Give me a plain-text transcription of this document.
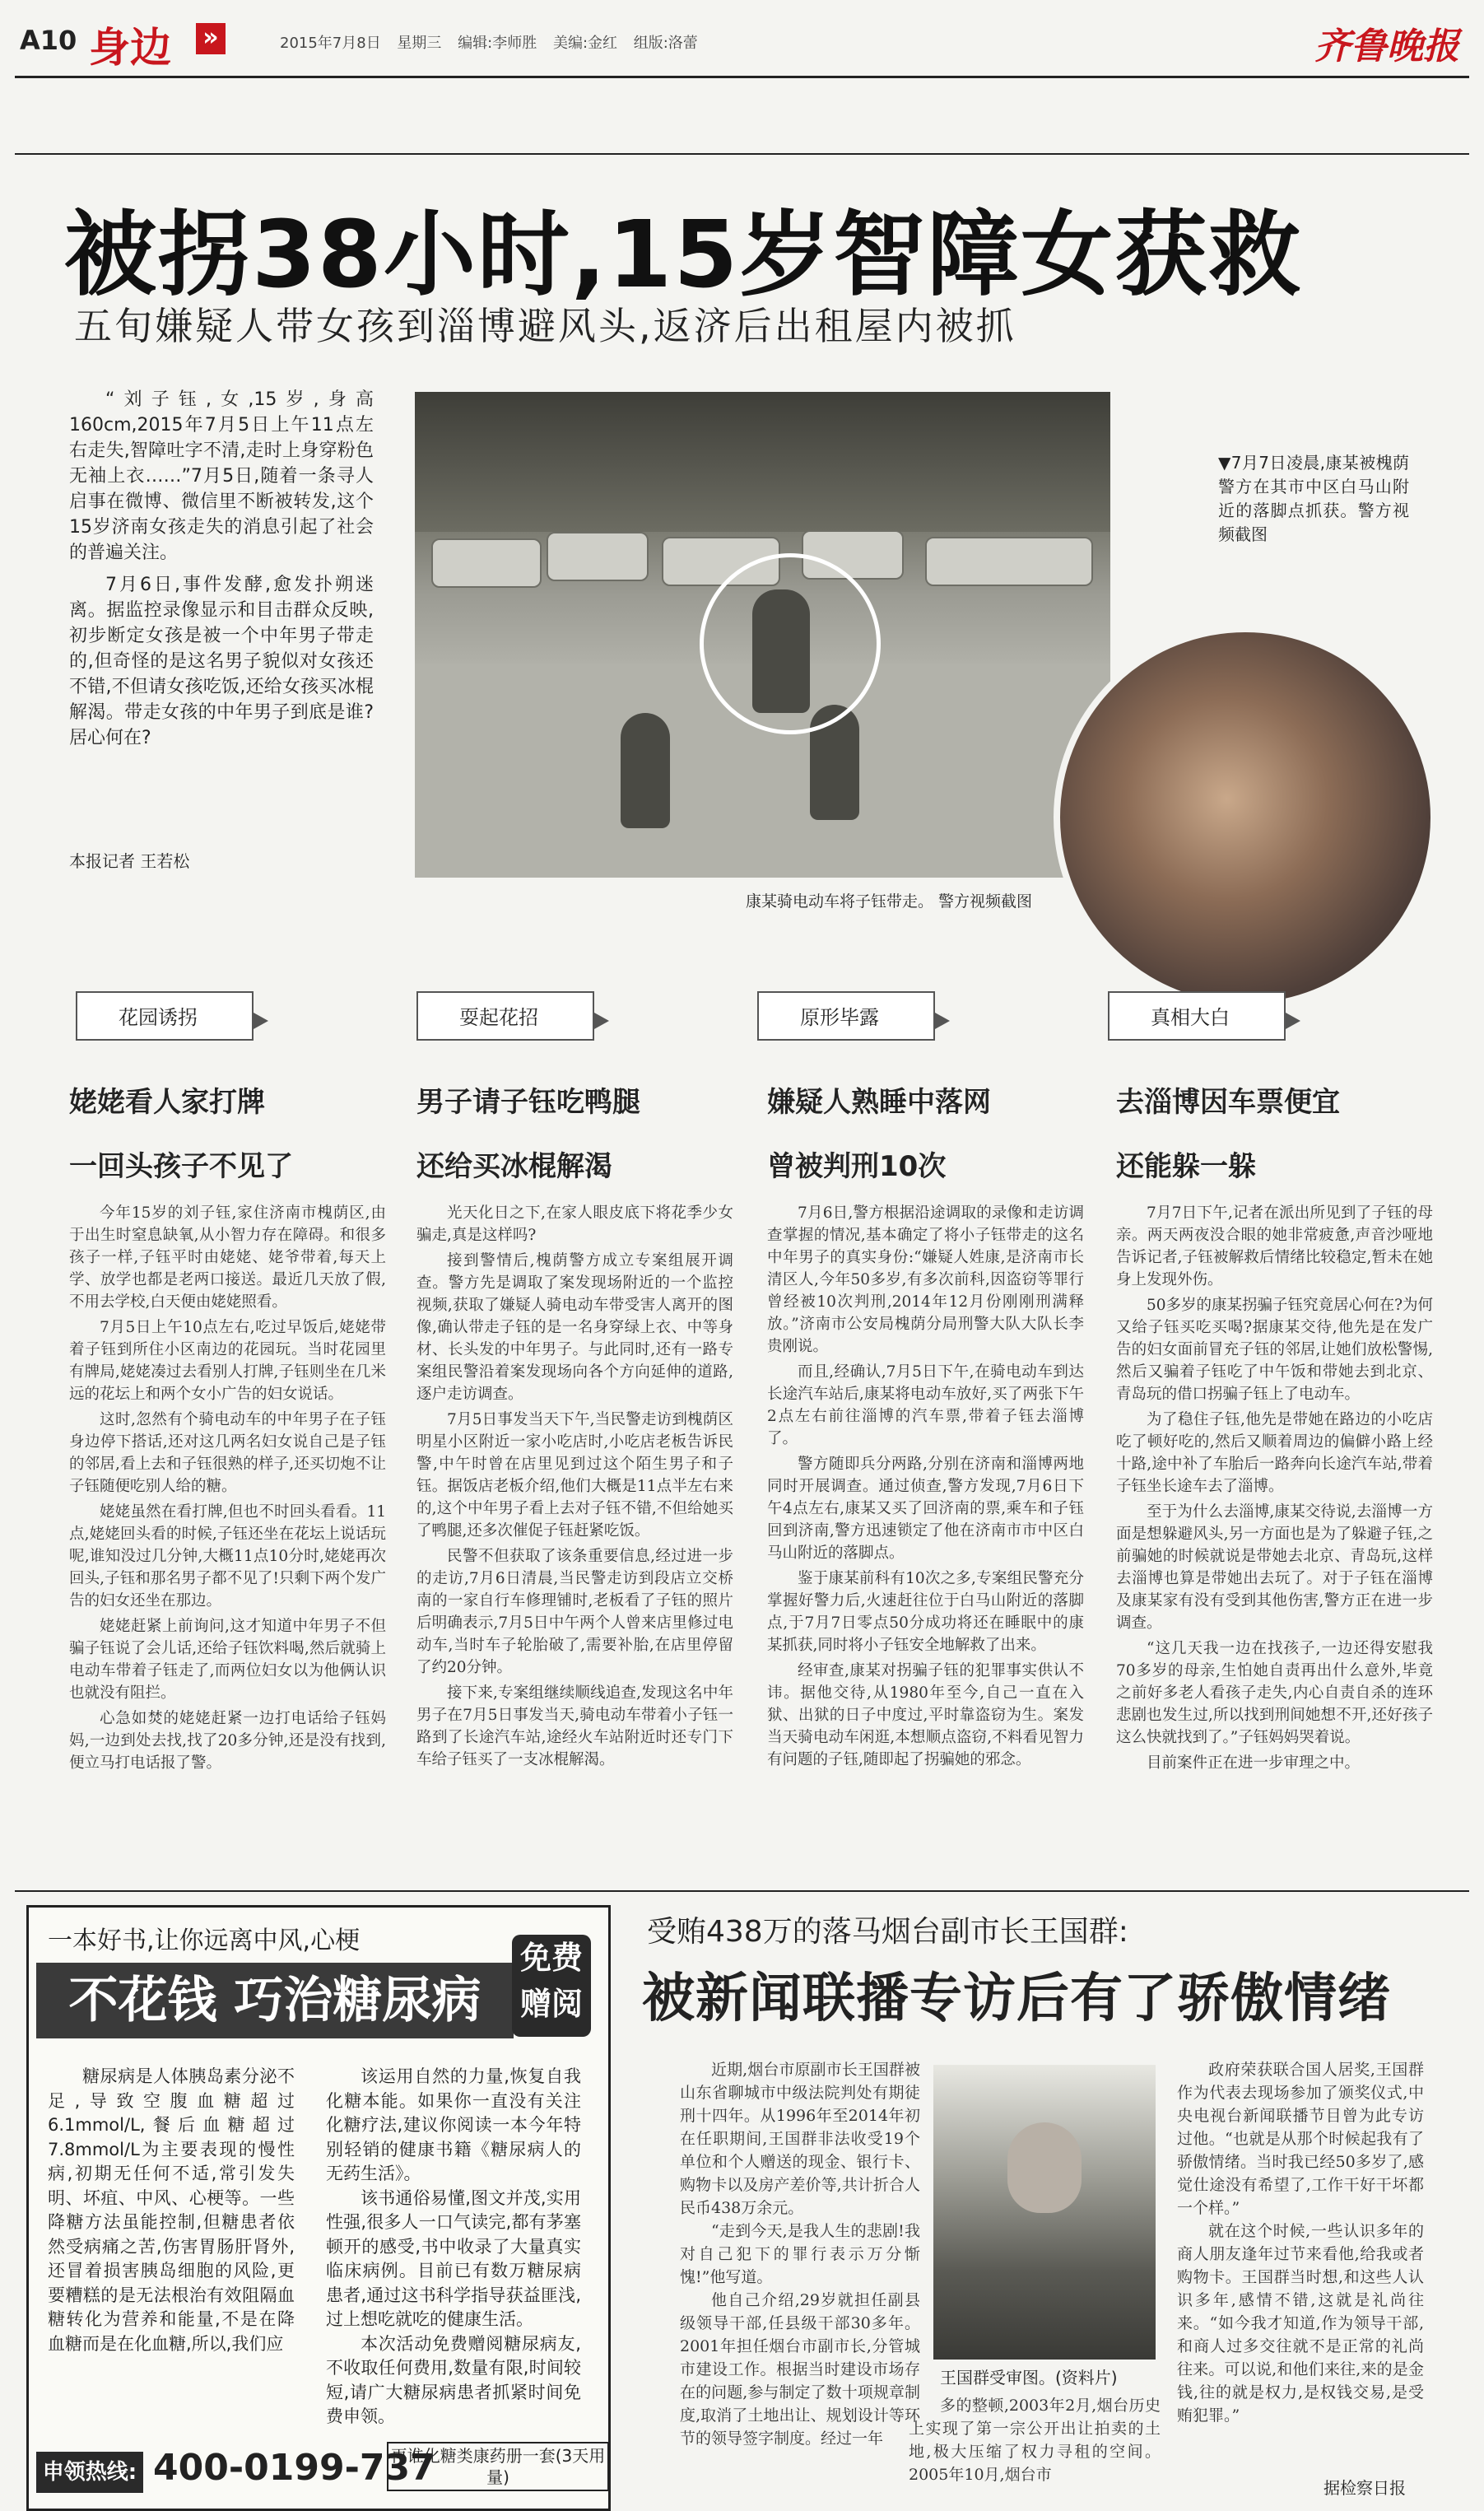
A10 身边 »	2015年7月8日 星期三 编辑:李师胜 美编:金红 组版:洛蕾	齐鲁晚报
被拐38小时,15岁智障女获救
五旬嫌疑人带女孩到淄博避风头,返济后出租屋内被抓

“刘子钰,女,15岁,身高160cm,2015年7月5日上午11点左右走失,智障吐字不清,走时上身穿粉色无袖上衣……”7月5日,随着一条寻人启事在微博、微信里不断被转发,这个15岁济南女孩走失的消息引起了社会的普遍关注。

7月6日,事件发酵,愈发扑朔迷离。据监控录像显示和目击群众反映,初步断定女孩是被一个中年男子带走的,但奇怪的是这名男子貌似对女孩还不错,不但请女孩吃饭,还给女孩买冰棍解渴。带走女孩的中年男子到底是谁?居心何在?

本报记者 王若松
康某骑电动车将子钰带走。 警方视频截图
▼7月7日凌晨,康某被槐荫警方在其市中区白马山附近的落脚点抓获。警方视频截图
花园诱拐	耍起花招	原形毕露	真相大白
姥姥看人家打牌
一回头孩子不见了
男子请子钰吃鸭腿
还给买冰棍解渴
嫌疑人熟睡中落网
曾被判刑10次
去淄博因车票便宜
还能躲一躲

今年15岁的刘子钰,家住济南市槐荫区,由于出生时窒息缺氧,从小智力存在障碍。和很多孩子一样,子钰平时由姥姥、姥爷带着,每天上学、放学也都是老两口接送。最近几天放了假,不用去学校,白天便由姥姥照看。

7月5日上午10点左右,吃过早饭后,姥姥带着子钰到所住小区南边的花园玩。当时花园里有牌局,姥姥凑过去看别人打牌,子钰则坐在几米远的花坛上和两个女小广告的妇女说话。

这时,忽然有个骑电动车的中年男子在子钰身边停下搭话,还对这几两名妇女说自己是子钰的邻居,看上去和子钰很熟的样子,还买切炮不让子钰随便吃别人给的糖。

姥姥虽然在看打牌,但也不时回头看看。11点,姥姥回头看的时候,子钰还坐在花坛上说话玩呢,谁知没过几分钟,大概11点10分时,姥姥再次回头,子钰和那名男子都不见了!只剩下两个发广告的妇女还坐在那边。

姥姥赶紧上前询问,这才知道中年男子不但骗子钰说了会儿话,还给子钰饮料喝,然后就骑上电动车带着子钰走了,而两位妇女以为他俩认识也就没有阻拦。

心急如焚的姥姥赶紧一边打电话给子钰妈妈,一边到处去找,找了20多分钟,还是没有找到,便立马打电话报了警。

光天化日之下,在家人眼皮底下将花季少女骗走,真是这样吗?

接到警情后,槐荫警方成立专案组展开调查。警方先是调取了案发现场附近的一个监控视频,获取了嫌疑人骑电动车带受害人离开的图像,确认带走子钰的是一名身穿绿上衣、中等身材、长头发的中年男子。与此同时,还有一路专案组民警沿着案发现场向各个方向延伸的道路,逐户走访调查。

7月5日事发当天下午,当民警走访到槐荫区明星小区附近一家小吃店时,小吃店老板告诉民警,中午时曾在店里见到过这个陌生男子和子钰。据饭店老板介绍,他们大概是11点半左右来的,这个中年男子看上去对子钰不错,不但给她买了鸭腿,还多次催促子钰赶紧吃饭。

民警不但获取了该条重要信息,经过进一步的走访,7月6日清晨,当民警走访到段店立交桥南的一家自行车修理铺时,老板看了子钰的照片后明确表示,7月5日中午两个人曾来店里修过电动车,当时车子轮胎破了,需要补胎,在店里停留了约20分钟。

接下来,专案组继续顺线追查,发现这名中年男子在7月5日事发当天,骑电动车带着小子钰一路到了长途汽车站,途经火车站附近时还专门下车给子钰买了一支冰棍解渴。

7月6日,警方根据沿途调取的录像和走访调查掌握的情况,基本确定了将小子钰带走的这名中年男子的真实身份:“嫌疑人姓康,是济南市长清区人,今年50多岁,有多次前科,因盗窃等罪行曾经被10次判刑,2014年12月份刚刚刑满释放。”济南市公安局槐荫分局刑警大队大队长李贵刚说。

而且,经确认,7月5日下午,在骑电动车到达长途汽车站后,康某将电动车放好,买了两张下午2点左右前往淄博的汽车票,带着子钰去淄博了。

警方随即兵分两路,分别在济南和淄博两地同时开展调查。通过侦查,警方发现,7月6日下午4点左右,康某又买了回济南的票,乘车和子钰回到济南,警方迅速锁定了他在济南市市中区白马山附近的落脚点。

鉴于康某前科有10次之多,专案组民警充分掌握好警力后,火速赶往位于白马山附近的落脚点,于7月7日零点50分成功将还在睡眠中的康某抓获,同时将小子钰安全地解救了出来。

经审查,康某对拐骗子钰的犯罪事实供认不讳。据他交待,从1980年至今,自己一直在入狱、出狱的日子中度过,平时靠盗窃为生。案发当天骑电动车闲逛,本想顺点盗窃,不料看见智力有问题的子钰,随即起了拐骗她的邪念。

7月7日下午,记者在派出所见到了子钰的母亲。两天两夜没合眼的她非常疲惫,声音沙哑地告诉记者,子钰被解救后情绪比较稳定,暂未在她身上发现外伤。

50多岁的康某拐骗子钰究竟居心何在?为何又给子钰买吃买喝?据康某交待,他先是在发广告的妇女面前冒充子钰的邻居,让她们放松警惕,然后又骗着子钰吃了中午饭和带她去到北京、青岛玩的借口拐骗子钰上了电动车。

为了稳住子钰,他先是带她在路边的小吃店吃了顿好吃的,然后又顺着周边的偏僻小路上经十路,途中补了车胎后一路奔向长途汽车站,带着子钰坐长途车去了淄博。

至于为什么去淄博,康某交待说,去淄博一方面是想躲避风头,另一方面也是为了躲避子钰,之前骗她的时候就说是带她去北京、青岛玩,这样去淄博也算是带她出去玩了。对于子钰在淄博及康某家有没有受到其他伤害,警方正在进一步调查。

“这几天我一边在找孩子,一边还得安慰我70多岁的母亲,生怕她自责再出什么意外,毕竟之前好多老人看孩子走失,内心自责自杀的连环悲剧也发生过,所以找到刑间她想不开,还好孩子这么快就找到了。”子钰妈妈哭着说。

目前案件正在进一步审理之中。

一本好书,让你远离中风,心梗
不花钱 巧治糖尿病
免费
赠阅

糖尿病是人体胰岛素分泌不足,导致空腹血糖超过6.1mmol/L,餐后血糖超过7.8mmol/L为主要表现的慢性病,初期无任何不适,常引发失明、坏疽、中风、心梗等。一些降糖方法虽能控制,但糖患者依然受病痛之苦,伤害胃肠肝肾外,还冒着损害胰岛细胞的风险,更要糟糕的是无法根治有效阻隔血糖转化为营养和能量,不是在降血糖而是在化血糖,所以,我们应

该运用自然的力量,恢复自我化糖本能。如果你一直没有关注化糖疗法,建议你阅读一本今年特别轻销的健康书籍《糖尿病人的无药生活》。

该书通俗易懂,图文并茂,实用性强,很多人一口气读完,都有茅塞顿开的感受,书中收录了大量真实临床病例。目前已有数万糖尿病患者,通过这书科学指导获益匪浅,过上想吃就吃的健康生活。

本次活动免费赠阅糖尿病友,不收取任何费用,数量有限,时间较短,请广大糖尿病患者抓紧时间免费申领。

申领热线: 400-0199-737
再谁化糖类康药册一套(3天用量)
受贿438万的落马烟台副市长王国群:
被新闻联播专访后有了骄傲情绪

近期,烟台市原副市长王国群被山东省聊城市中级法院判处有期徒刑十四年。从1996年至2014年初在任职期间,王国群非法收受19个单位和个人赠送的现金、银行卡、购物卡以及房产差价等,共计折合人民币438万余元。

“走到今天,是我人生的悲剧!我对自己犯下的罪行表示万分惭愧!”他写道。

他自己介绍,29岁就担任副县级领导干部,任县级干部30多年。2001年担任烟台市副市长,分管城市建设工作。根据当时建设市场存在的问题,参与制定了数十项规章制度,取消了土地出让、规划设计等环节的领导签字制度。经过一年

王国群受审图。(资料片)

多的整顿,2003年2月,烟台历史上实现了第一宗公开出让拍卖的土地,极大压缩了权力寻租的空间。2005年10月,烟台市

政府荣获联合国人居奖,王国群作为代表去现场参加了颁奖仪式,中央电视台新闻联播节目曾为此专访过他。“也就是从那个时候起我有了骄傲情绪。当时我已经50多岁了,感觉仕途没有希望了,工作干好干坏都一个样。”

就在这个时候,一些认识多年的商人朋友逢年过节来看他,给我或者购物卡。王国群当时想,和这些人认识多年,感情不错,这就是礼尚往来。“如今我才知道,作为领导干部,和商人过多交往就不是正常的礼尚往来。可以说,和他们来往,来的是金钱,往的就是权力,是权钱交易,是受贿犯罪。”

据检察日报
